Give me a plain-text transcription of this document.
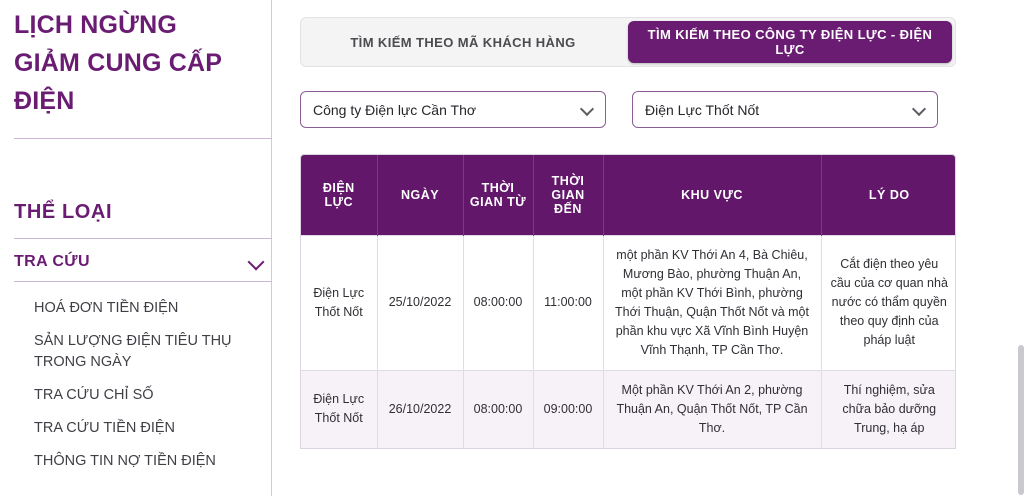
LỊCH NGỪNG GIẢM CUNG CẤP ĐIỆN
THỂ LOẠI
TRA CỨU
HOÁ ĐƠN TIỀN ĐIỆN
SẢN LƯỢNG ĐIỆN TIÊU THỤ TRONG NGÀY
TRA CỨU CHỈ SỐ
TRA CỨU TIỀN ĐIỆN
THÔNG TIN NỢ TIỀN ĐIỆN
TÌM KIẾM THEO MÃ KHÁCH HÀNG	TÌM KIẾM THEO CÔNG TY ĐIỆN LỰC - ĐIỆN LỰC
Công ty Điện lực Cần Thơ	Điện Lực Thốt Nốt
ĐIỆN LỰC	NGÀY	THỜI GIAN TỪ	THỜI GIAN ĐẾN	KHU VỰC	LÝ DO
Điện Lực Thốt Nốt	25/10/2022	08:00:00	11:00:00	một phần KV Thới An 4, Bà Chiêu, Mương Bào, phường Thuận An, một phần KV Thới Bình, phường Thới Thuận, Quận Thốt Nốt và một phần khu vực Xã Vĩnh Bình Huyện Vĩnh Thạnh, TP Cần Thơ.	Cắt điện theo yêu cầu của cơ quan nhà nước có thẩm quyền theo quy định của pháp luật
Điện Lực Thốt Nốt	26/10/2022	08:00:00	09:00:00	Một phần KV Thới An 2, phường Thuận An, Quận Thốt Nốt, TP Cần Thơ.	Thí nghiệm, sửa chữa bảo dưỡng Trung, hạ áp
